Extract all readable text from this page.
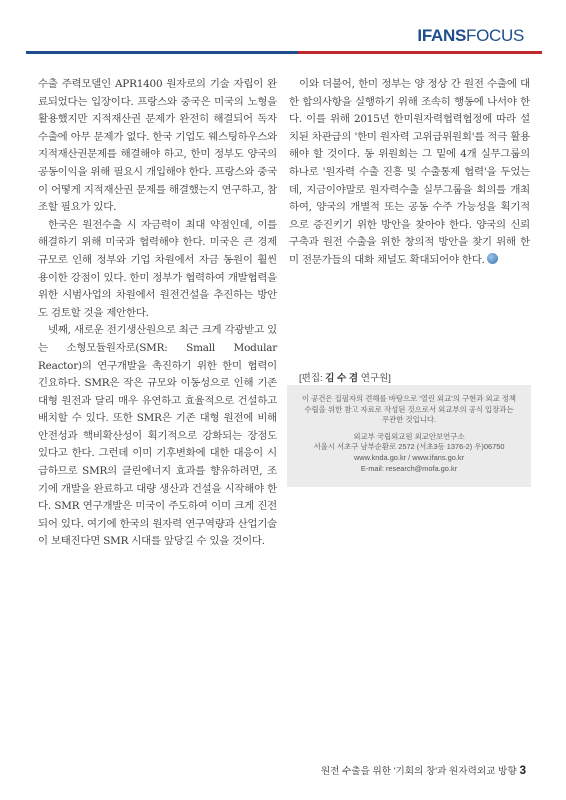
IFANSFOCUS

수출 주력모델인 APR1400 원자로의 기술 자립이 완료되었다는 입장이다. 프랑스와 중국은 미국의 노형을 활용했지만 지적재산권 문제가 완전히 해결되어 독자 수출에 아무 문제가 없다. 한국 기업도 웨스팅하우스와 지적재산권문제를 해결해야 하고, 한미 정부도 양국의 공동이익을 위해 필요시 개입해야 한다. 프랑스와 중국이 어떻게 지적재산권 문제를 해결했는지 연구하고, 참조할 필요가 있다.

한국은 원전수출 시 자금력이 최대 약점인데, 이를 해결하기 위해 미국과 협력해야 한다. 미국은 큰 경제규모로 인해 정부와 기업 차원에서 자금 동원이 훨씬 용이한 강점이 있다. 한미 정부가 협력하여 개발협력을 위한 시범사업의 차원에서 원전건설을 추진하는 방안도 검토할 것을 제안한다.

넷째, 새로운 전기생산원으로 최근 크게 각광받고 있는 소형모듈원자로(SMR: Small Modular Reactor)의 연구개발을 촉진하기 위한 한미 협력이 긴요하다. SMR은 작은 규모와 이동성으로 인해 기존 대형 원전과 달리 매우 유연하고 효율적으로 건설하고 배치할 수 있다. 또한 SMR은 기존 대형 원전에 비해 안전성과 핵비확산성이 획기적으로 강화되는 장점도 있다고 한다. 그런데 이미 기후변화에 대한 대응이 시급하므로 SMR의 클린에너지 효과를 향유하려면, 조기에 개발을 완료하고 대량 생산과 건설을 시작해야 한다. SMR 연구개발은 미국이 주도하여 이미 크게 진전되어 있다. 여기에 한국의 원자력 연구역량과 산업기술이 보태진다면 SMR 시대를 앞당길 수 있을 것이다.

이와 더불어, 한미 정부는 양 정상 간 원전 수출에 대한 합의사항을 실행하기 위해 조속히 행동에 나서야 한다. 이를 위해 2015년 한미원자력협력협정에 따라 설치된 차관급의 '한미 원자력 고위급위원회'를 적극 활용해야 할 것이다. 동 위원회는 그 밑에 4개 실무그룹의 하나로 '원자력 수출 진흥 및 수출통제 협력'을 두었는데, 지금이야말로 원자력수출 실무그룹을 회의를 개최하여, 양국의 개별적 또는 공동 수주 가능성을 획기적으로 증진키기 위한 방안을 찾아야 한다. 양국의 신뢰 구축과 원전 수출을 위한 창의적 방안을 찾기 위해 한미 전문가들의 대화 채널도 확대되어야 한다.

[편집: 김 수 겸 연구원]

이 공건은 집필자의 견해를 바탕으로 '열린 외교'의 구현과 외교 정책 수립을 위한 참고 자료로 작성된 것으로서 외교부의 공식 입장과는 무관한 것입니다.

외교부 국립외교원 외교안보연구소

서울시 서초구 남부순환로 2572 (서초3동 1376-2) 우)06750

www.knda.go.kr / www.ifans.go.kr

E-mail: research@mofa.go.kr

원전 수출을 위한 '기회의 창'과 원자력외교 방향 3
